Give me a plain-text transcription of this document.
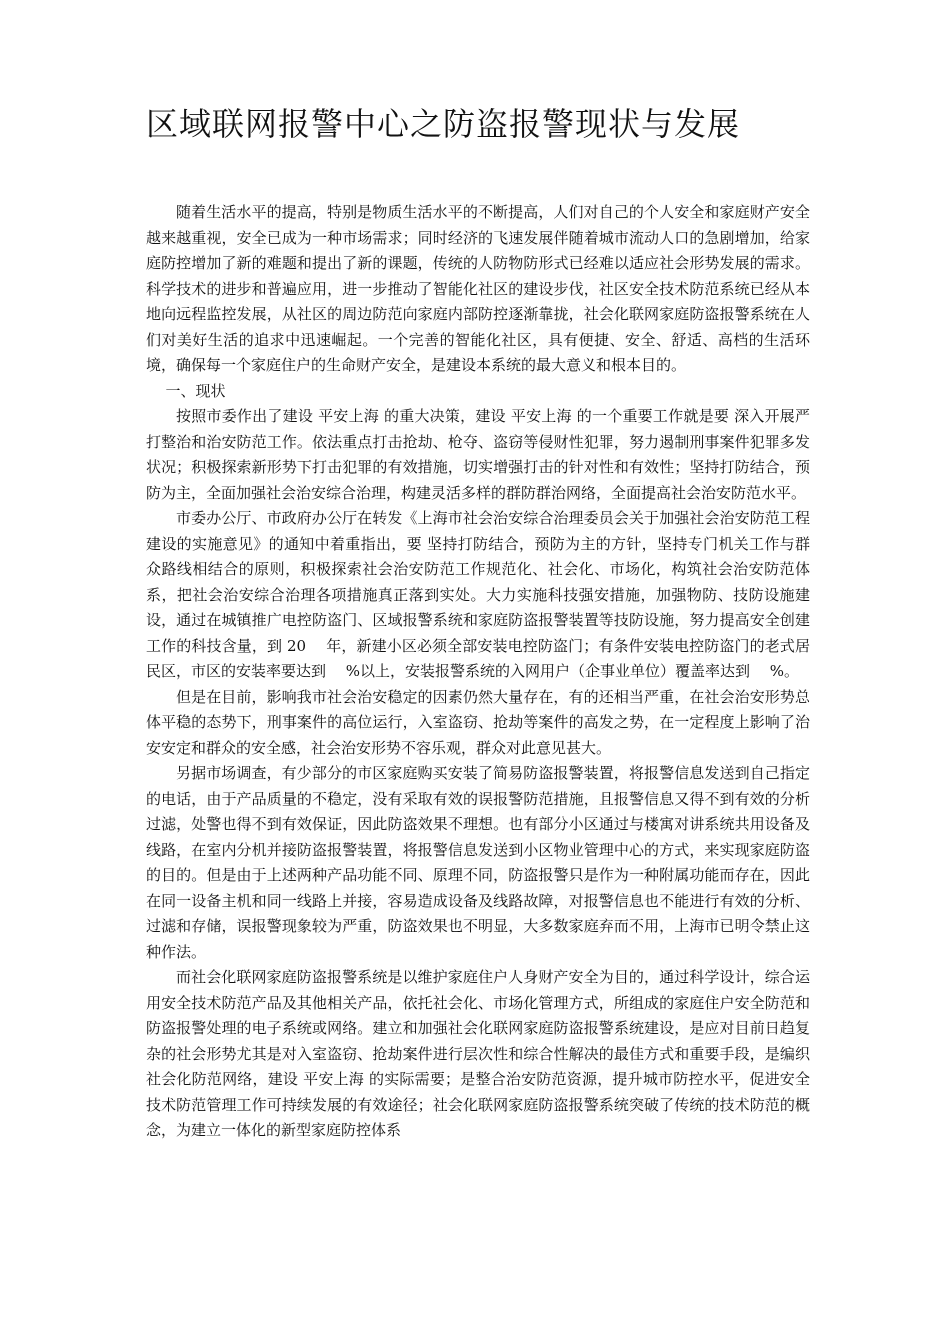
区域联网报警中心之防盗报警现状与发展

随着生活水平的提高，特别是物质生活水平的不断提高，人们对自己的个人安全和家庭财产安全越来越重视，安全已成为一种市场需求；同时经济的飞速发展伴随着城市流动人口的急剧增加，给家庭防控增加了新的难题和提出了新的课题，传统的人防物防形式已经难以适应社会形势发展的需求。科学技术的进步和普遍应用，进一步推动了智能化社区的建设步伐，社区安全技术防范系统已经从本地向远程监控发展，从社区的周边防范向家庭内部防控逐渐靠拢，社会化联网家庭防盗报警系统在人们对美好生活的追求中迅速崛起。一个完善的智能化社区，具有便捷、安全、舒适、高档的生活环境，确保每一个家庭住户的生命财产安全，是建设本系统的最大意义和根本目的。

一、现状

按照市委作出了建设 平安上海 的重大决策，建设 平安上海 的一个重要工作就是要 深入开展严打整治和治安防范工作。依法重点打击抢劫、枪夺、盗窃等侵财性犯罪，努力遏制刑事案件犯罪多发状况；积极探索新形势下打击犯罪的有效措施，切实增强打击的针对性和有效性；坚持打防结合，预防为主，全面加强社会治安综合治理，构建灵活多样的群防群治网络，全面提高社会治安防范水平。

市委办公厅、市政府办公厅在转发《上海市社会治安综合治理委员会关于加强社会治安防范工程建设的实施意见》的通知中着重指出，要 坚持打防结合，预防为主的方针，坚持专门机关工作与群众路线相结合的原则，积极探索社会治安防范工作规范化、社会化、市场化，构筑社会治安防范体系，把社会治安综合治理各项措施真正落到实处。大力实施科技强安措施，加强物防、技防设施建设，通过在城镇推广电控防盗门、区域报警系统和家庭防盗报警装置等技防设施，努力提高安全创建工作的科技含量，到 20　 年，新建小区必须全部安装电控防盗门；有条件安装电控防盗门的老式居民区，市区的安装率要达到　 %以上，安装报警系统的入网用户（企事业单位）覆盖率达到　 %。

但是在目前，影响我市社会治安稳定的因素仍然大量存在，有的还相当严重，在社会治安形势总体平稳的态势下，刑事案件的高位运行，入室盗窃、抢劫等案件的高发之势，在一定程度上影响了治安安定和群众的安全感，社会治安形势不容乐观，群众对此意见甚大。

另据市场调查，有少部分的市区家庭购买安装了简易防盗报警装置，将报警信息发送到自己指定的电话，由于产品质量的不稳定，没有采取有效的误报警防范措施，且报警信息又得不到有效的分析过滤，处警也得不到有效保证，因此防盗效果不理想。也有部分小区通过与楼寓对讲系统共用设备及线路，在室内分机并接防盗报警装置，将报警信息发送到小区物业管理中心的方式，来实现家庭防盗的目的。但是由于上述两种产品功能不同、原理不同，防盗报警只是作为一种附属功能而存在，因此在同一设备主机和同一线路上并接，容易造成设备及线路故障，对报警信息也不能进行有效的分析、过滤和存储，误报警现象较为严重，防盗效果也不明显，大多数家庭弃而不用，上海市已明令禁止这种作法。

而社会化联网家庭防盗报警系统是以维护家庭住户人身财产安全为目的，通过科学设计，综合运用安全技术防范产品及其他相关产品，依托社会化、市场化管理方式，所组成的家庭住户安全防范和防盗报警处理的电子系统或网络。建立和加强社会化联网家庭防盗报警系统建设，是应对目前日趋复杂的社会形势尤其是对入室盗窃、抢劫案件进行层次性和综合性解决的最佳方式和重要手段，是编织社会化防范网络，建设 平安上海 的实际需要；是整合治安防范资源，提升城市防控水平，促进安全技术防范管理工作可持续发展的有效途径；社会化联网家庭防盗报警系统突破了传统的技术防范的概念，为建立一体化的新型家庭防控体系
